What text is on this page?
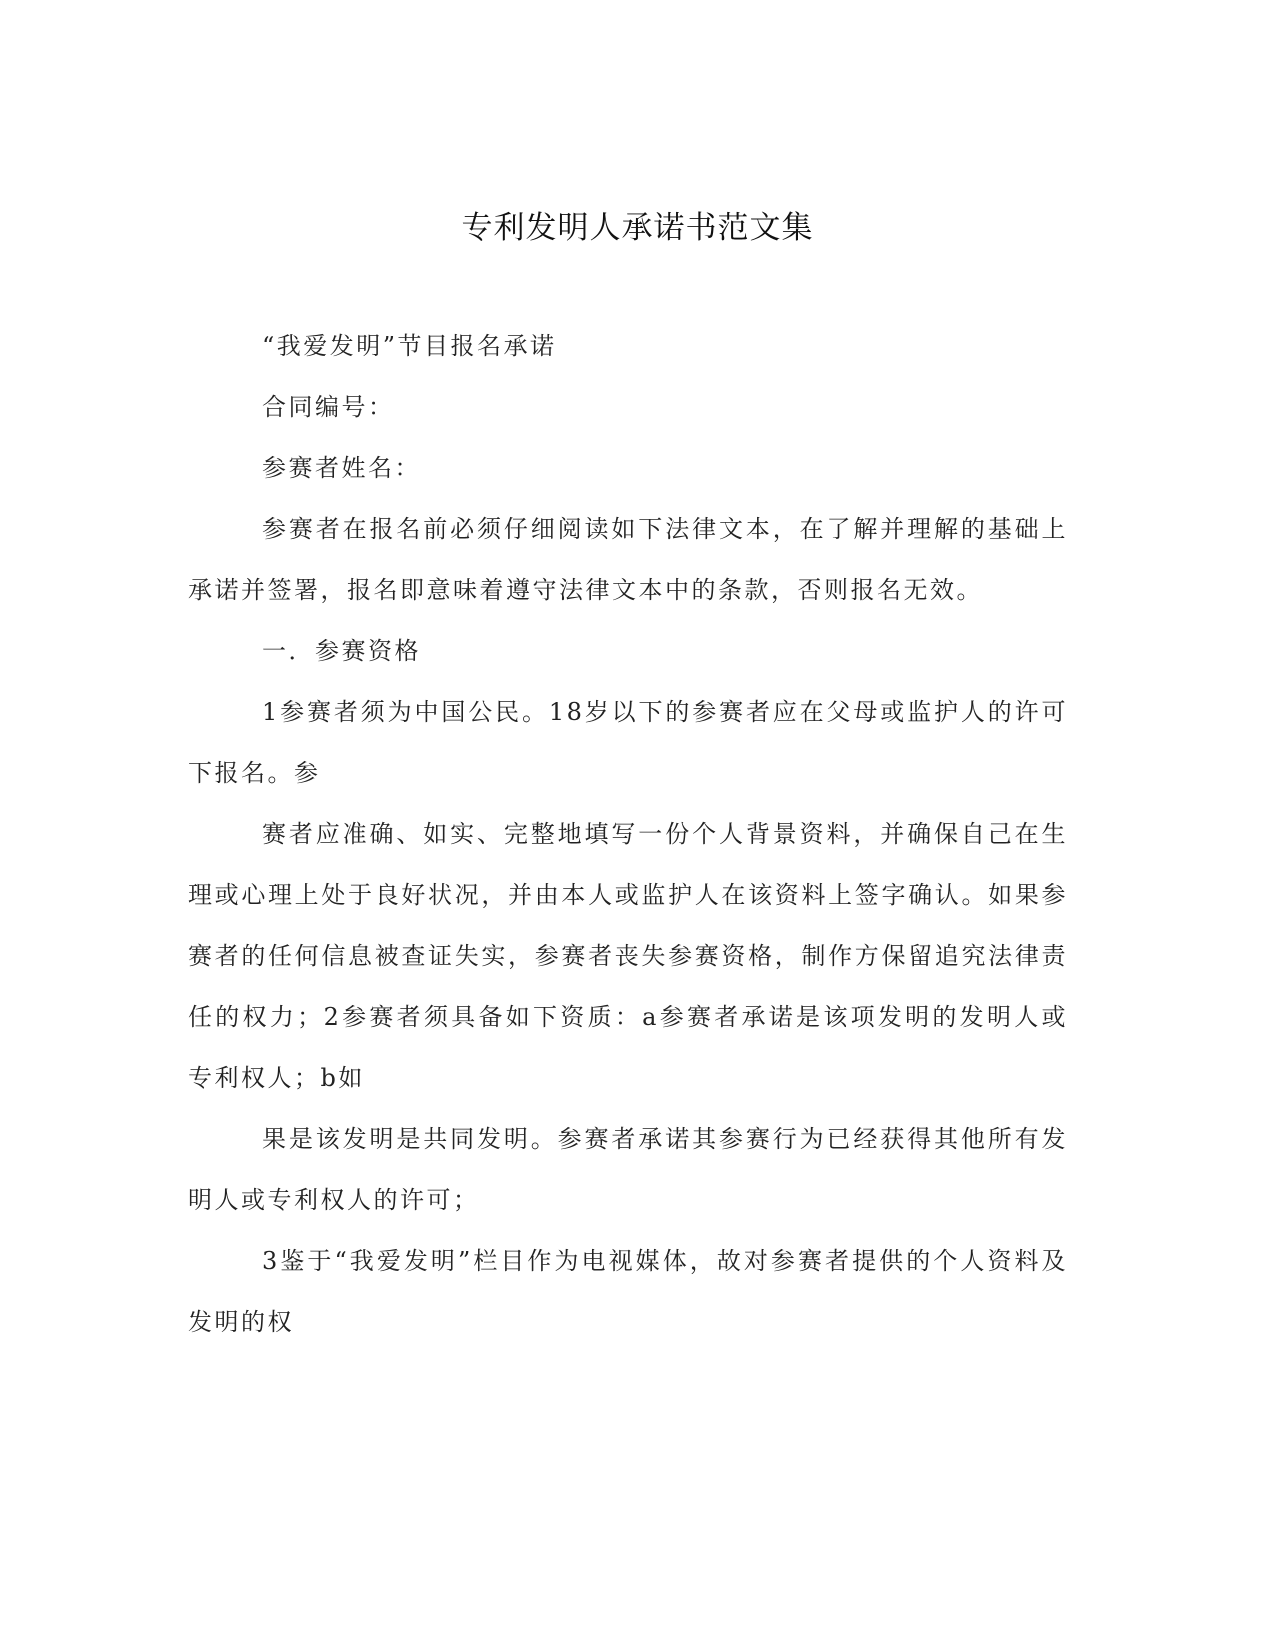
专利发明人承诺书范文集

“我爱发明”节目报名承诺

合同编号：

参赛者姓名：

参赛者在报名前必须仔细阅读如下法律文本，在了解并理解的基础上承诺并签署，报名即意味着遵守法律文本中的条款，否则报名无效。

一．参赛资格

1参赛者须为中国公民。18岁以下的参赛者应在父母或监护人的许可下报名。参

赛者应准确、如实、完整地填写一份个人背景资料，并确保自己在生理或心理上处于良好状况，并由本人或监护人在该资料上签字确认。如果参赛者的任何信息被查证失实，参赛者丧失参赛资格，制作方保留追究法律责任的权力；2参赛者须具备如下资质：a参赛者承诺是该项发明的发明人或专利权人；b如

果是该发明是共同发明。参赛者承诺其参赛行为已经获得其他所有发明人或专利权人的许可；

3鉴于“我爱发明”栏目作为电视媒体，故对参赛者提供的个人资料及发明的权
